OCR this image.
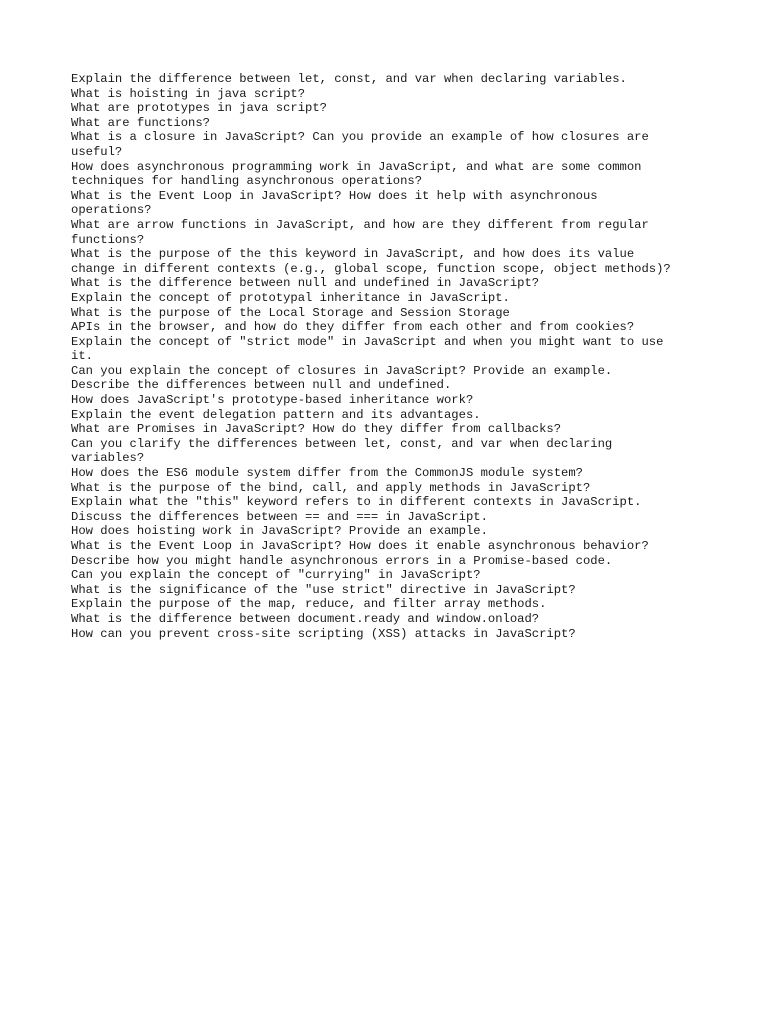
Explain the difference between let, const, and var when declaring variables.
What is hoisting in java script?
What are prototypes in java script?
What are functions?
What is a closure in JavaScript? Can you provide an example of how closures are
useful?
How does asynchronous programming work in JavaScript, and what are some common
techniques for handling asynchronous operations?
What is the Event Loop in JavaScript? How does it help with asynchronous
operations?
What are arrow functions in JavaScript, and how are they different from regular
functions?
What is the purpose of the this keyword in JavaScript, and how does its value
change in different contexts (e.g., global scope, function scope, object methods)?
What is the difference between null and undefined in JavaScript?
Explain the concept of prototypal inheritance in JavaScript.
What is the purpose of the Local Storage and Session Storage
APIs in the browser, and how do they differ from each other and from cookies?
Explain the concept of "strict mode" in JavaScript and when you might want to use
it.
Can you explain the concept of closures in JavaScript? Provide an example.
Describe the differences between null and undefined.
How does JavaScript's prototype-based inheritance work?
Explain the event delegation pattern and its advantages.
What are Promises in JavaScript? How do they differ from callbacks?
Can you clarify the differences between let, const, and var when declaring
variables?
How does the ES6 module system differ from the CommonJS module system?
What is the purpose of the bind, call, and apply methods in JavaScript?
Explain what the "this" keyword refers to in different contexts in JavaScript.
Discuss the differences between == and === in JavaScript.
How does hoisting work in JavaScript? Provide an example.
What is the Event Loop in JavaScript? How does it enable asynchronous behavior?
Describe how you might handle asynchronous errors in a Promise-based code.
Can you explain the concept of "currying" in JavaScript?
What is the significance of the "use strict" directive in JavaScript?
Explain the purpose of the map, reduce, and filter array methods.
What is the difference between document.ready and window.onload?
How can you prevent cross-site scripting (XSS) attacks in JavaScript?
